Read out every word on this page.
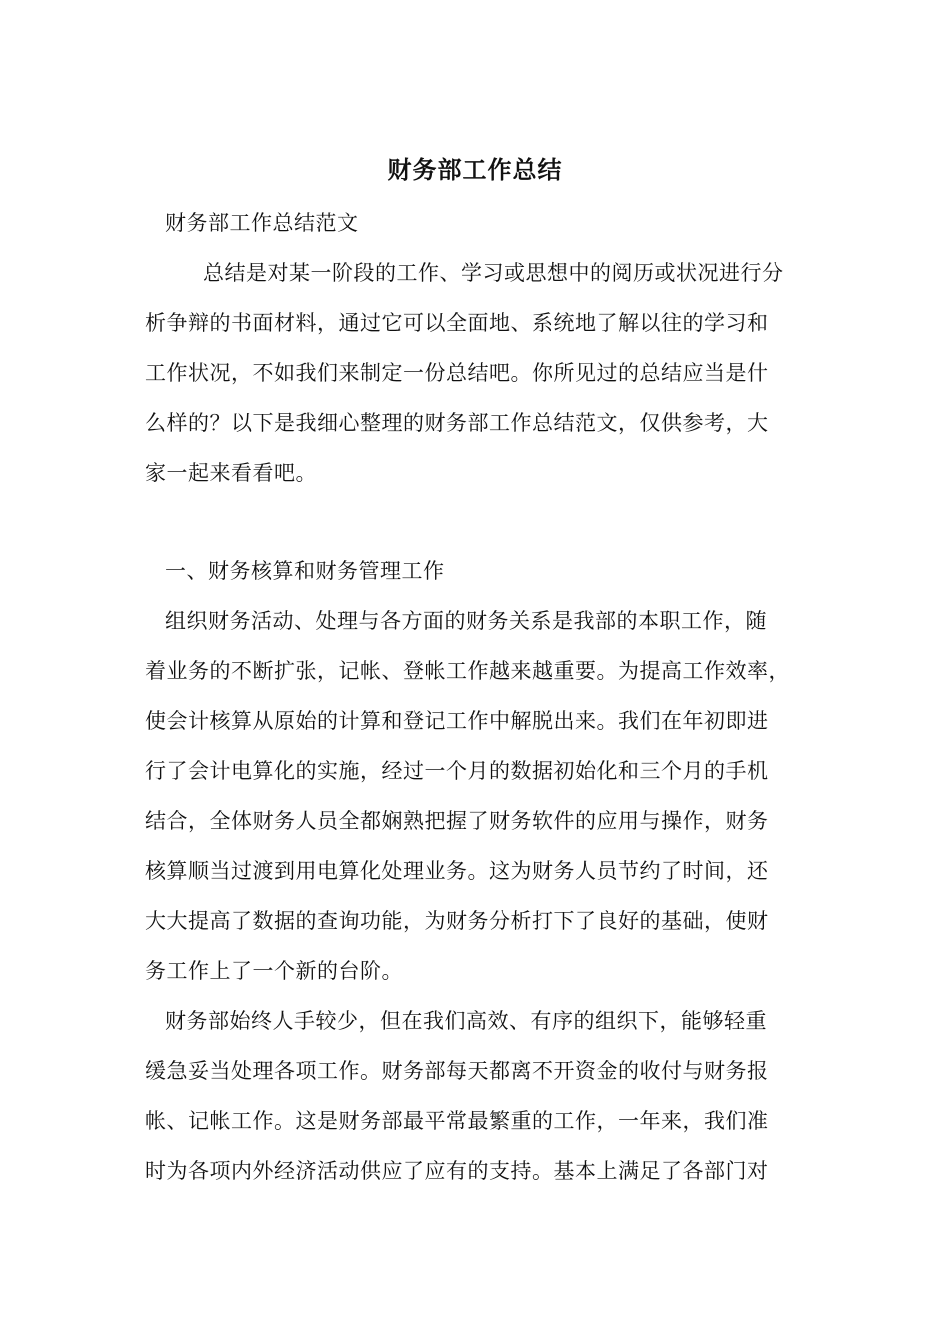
财务部工作总结
财务部工作总结范文
总结是对某一阶段的工作、学习或思想中的阅历或状况进行分
析争辩的书面材料，通过它可以全面地、系统地了解以往的学习和
工作状况，不如我们来制定一份总结吧。你所见过的总结应当是什
么样的？以下是我细心整理的财务部工作总结范文，仅供参考，大
家一起来看看吧。
一、财务核算和财务管理工作
组织财务活动、处理与各方面的财务关系是我部的本职工作，随
着业务的不断扩张，记帐、登帐工作越来越重要。为提高工作效率，
使会计核算从原始的计算和登记工作中解脱出来。我们在年初即进
行了会计电算化的实施，经过一个月的数据初始化和三个月的手机
结合，全体财务人员全都娴熟把握了财务软件的应用与操作，财务
核算顺当过渡到用电算化处理业务。这为财务人员节约了时间，还
大大提高了数据的查询功能，为财务分析打下了良好的基础，使财
务工作上了一个新的台阶。
财务部始终人手较少，但在我们高效、有序的组织下，能够轻重
缓急妥当处理各项工作。财务部每天都离不开资金的收付与财务报
帐、记帐工作。这是财务部最平常最繁重的工作，一年来，我们准
时为各项内外经济活动供应了应有的支持。基本上满足了各部门对
